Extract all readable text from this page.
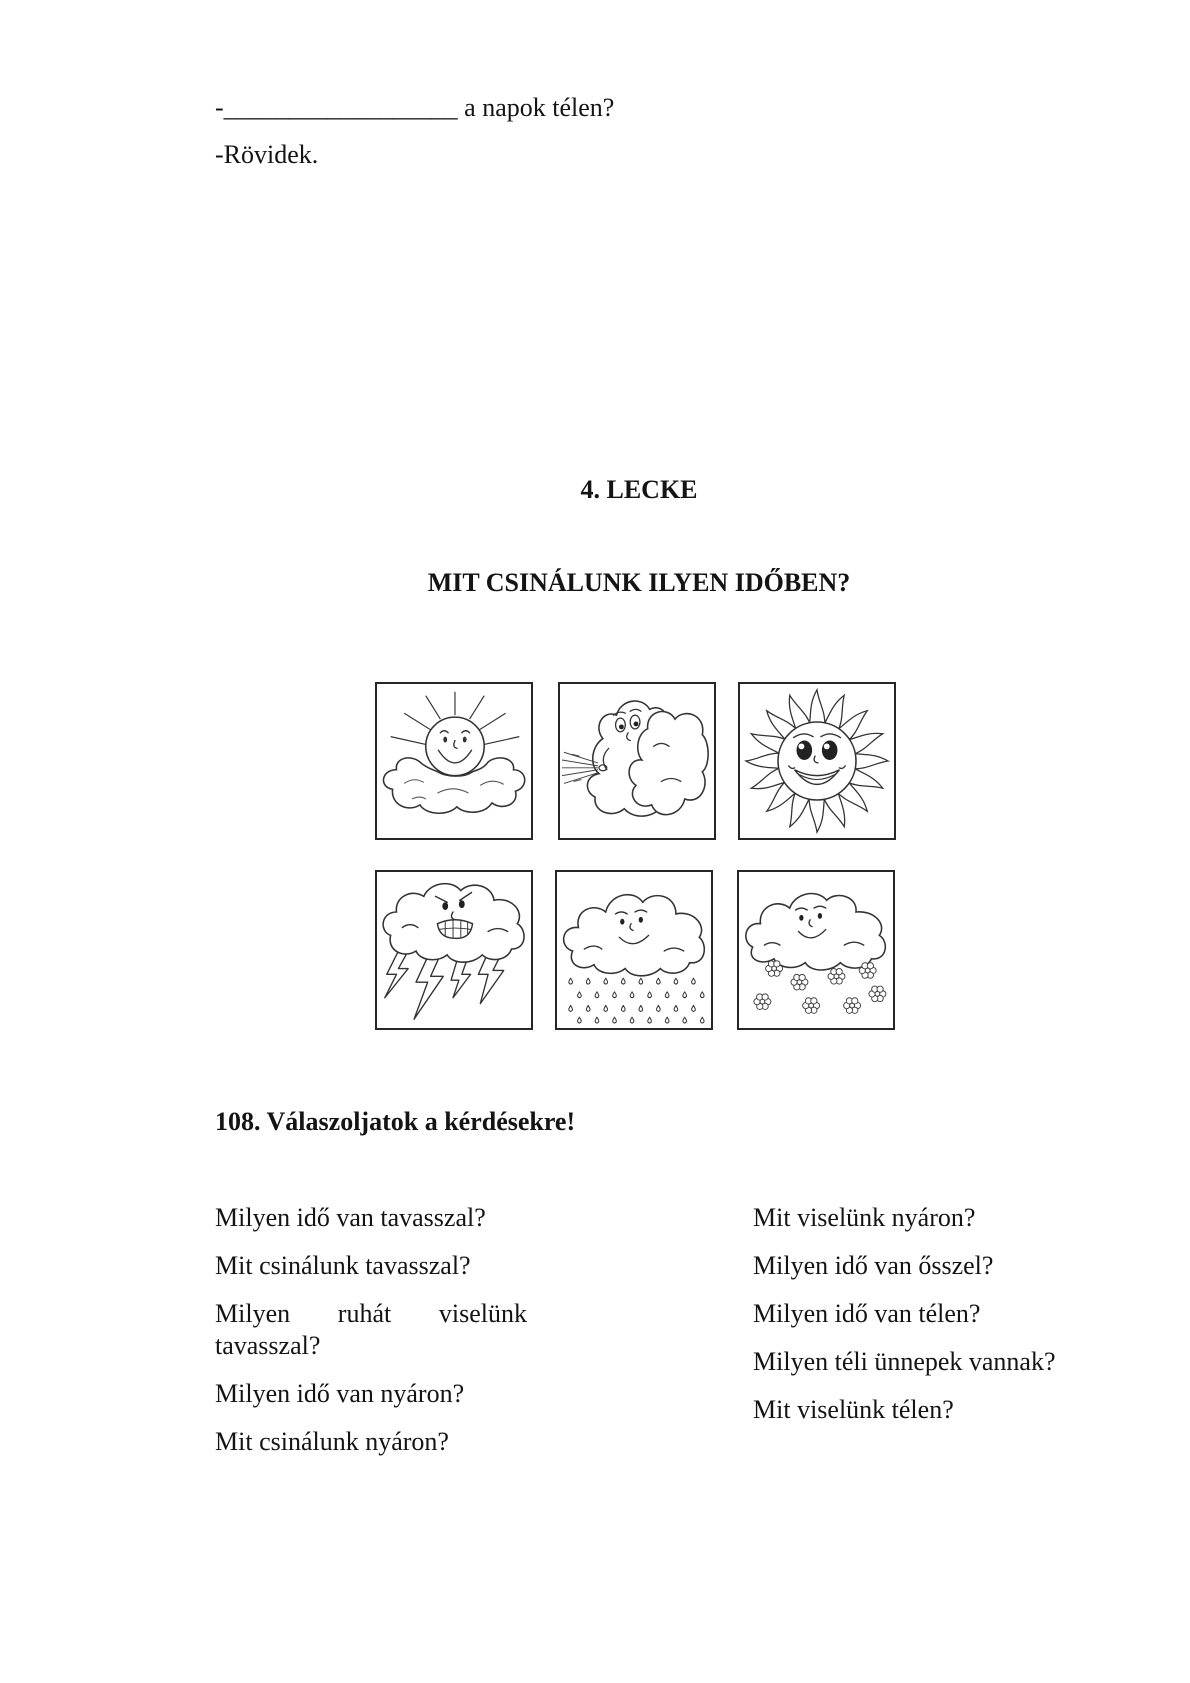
-__________________ a napok télen?
-Rövidek.
4. LECKE
MIT CSINÁLUNK ILYEN IDŐBEN?
108. Válaszoljatok a kérdésekre!
Milyen idő van tavasszal?
Mit csinálunk tavasszal?
Milyen ruhát viselünk tavasszal?
Milyen idő van nyáron?
Mit csinálunk nyáron?
Mit viselünk nyáron?
Milyen idő van ősszel?
Milyen idő van télen?
Milyen téli ünnepek vannak?
Mit viselünk télen?
